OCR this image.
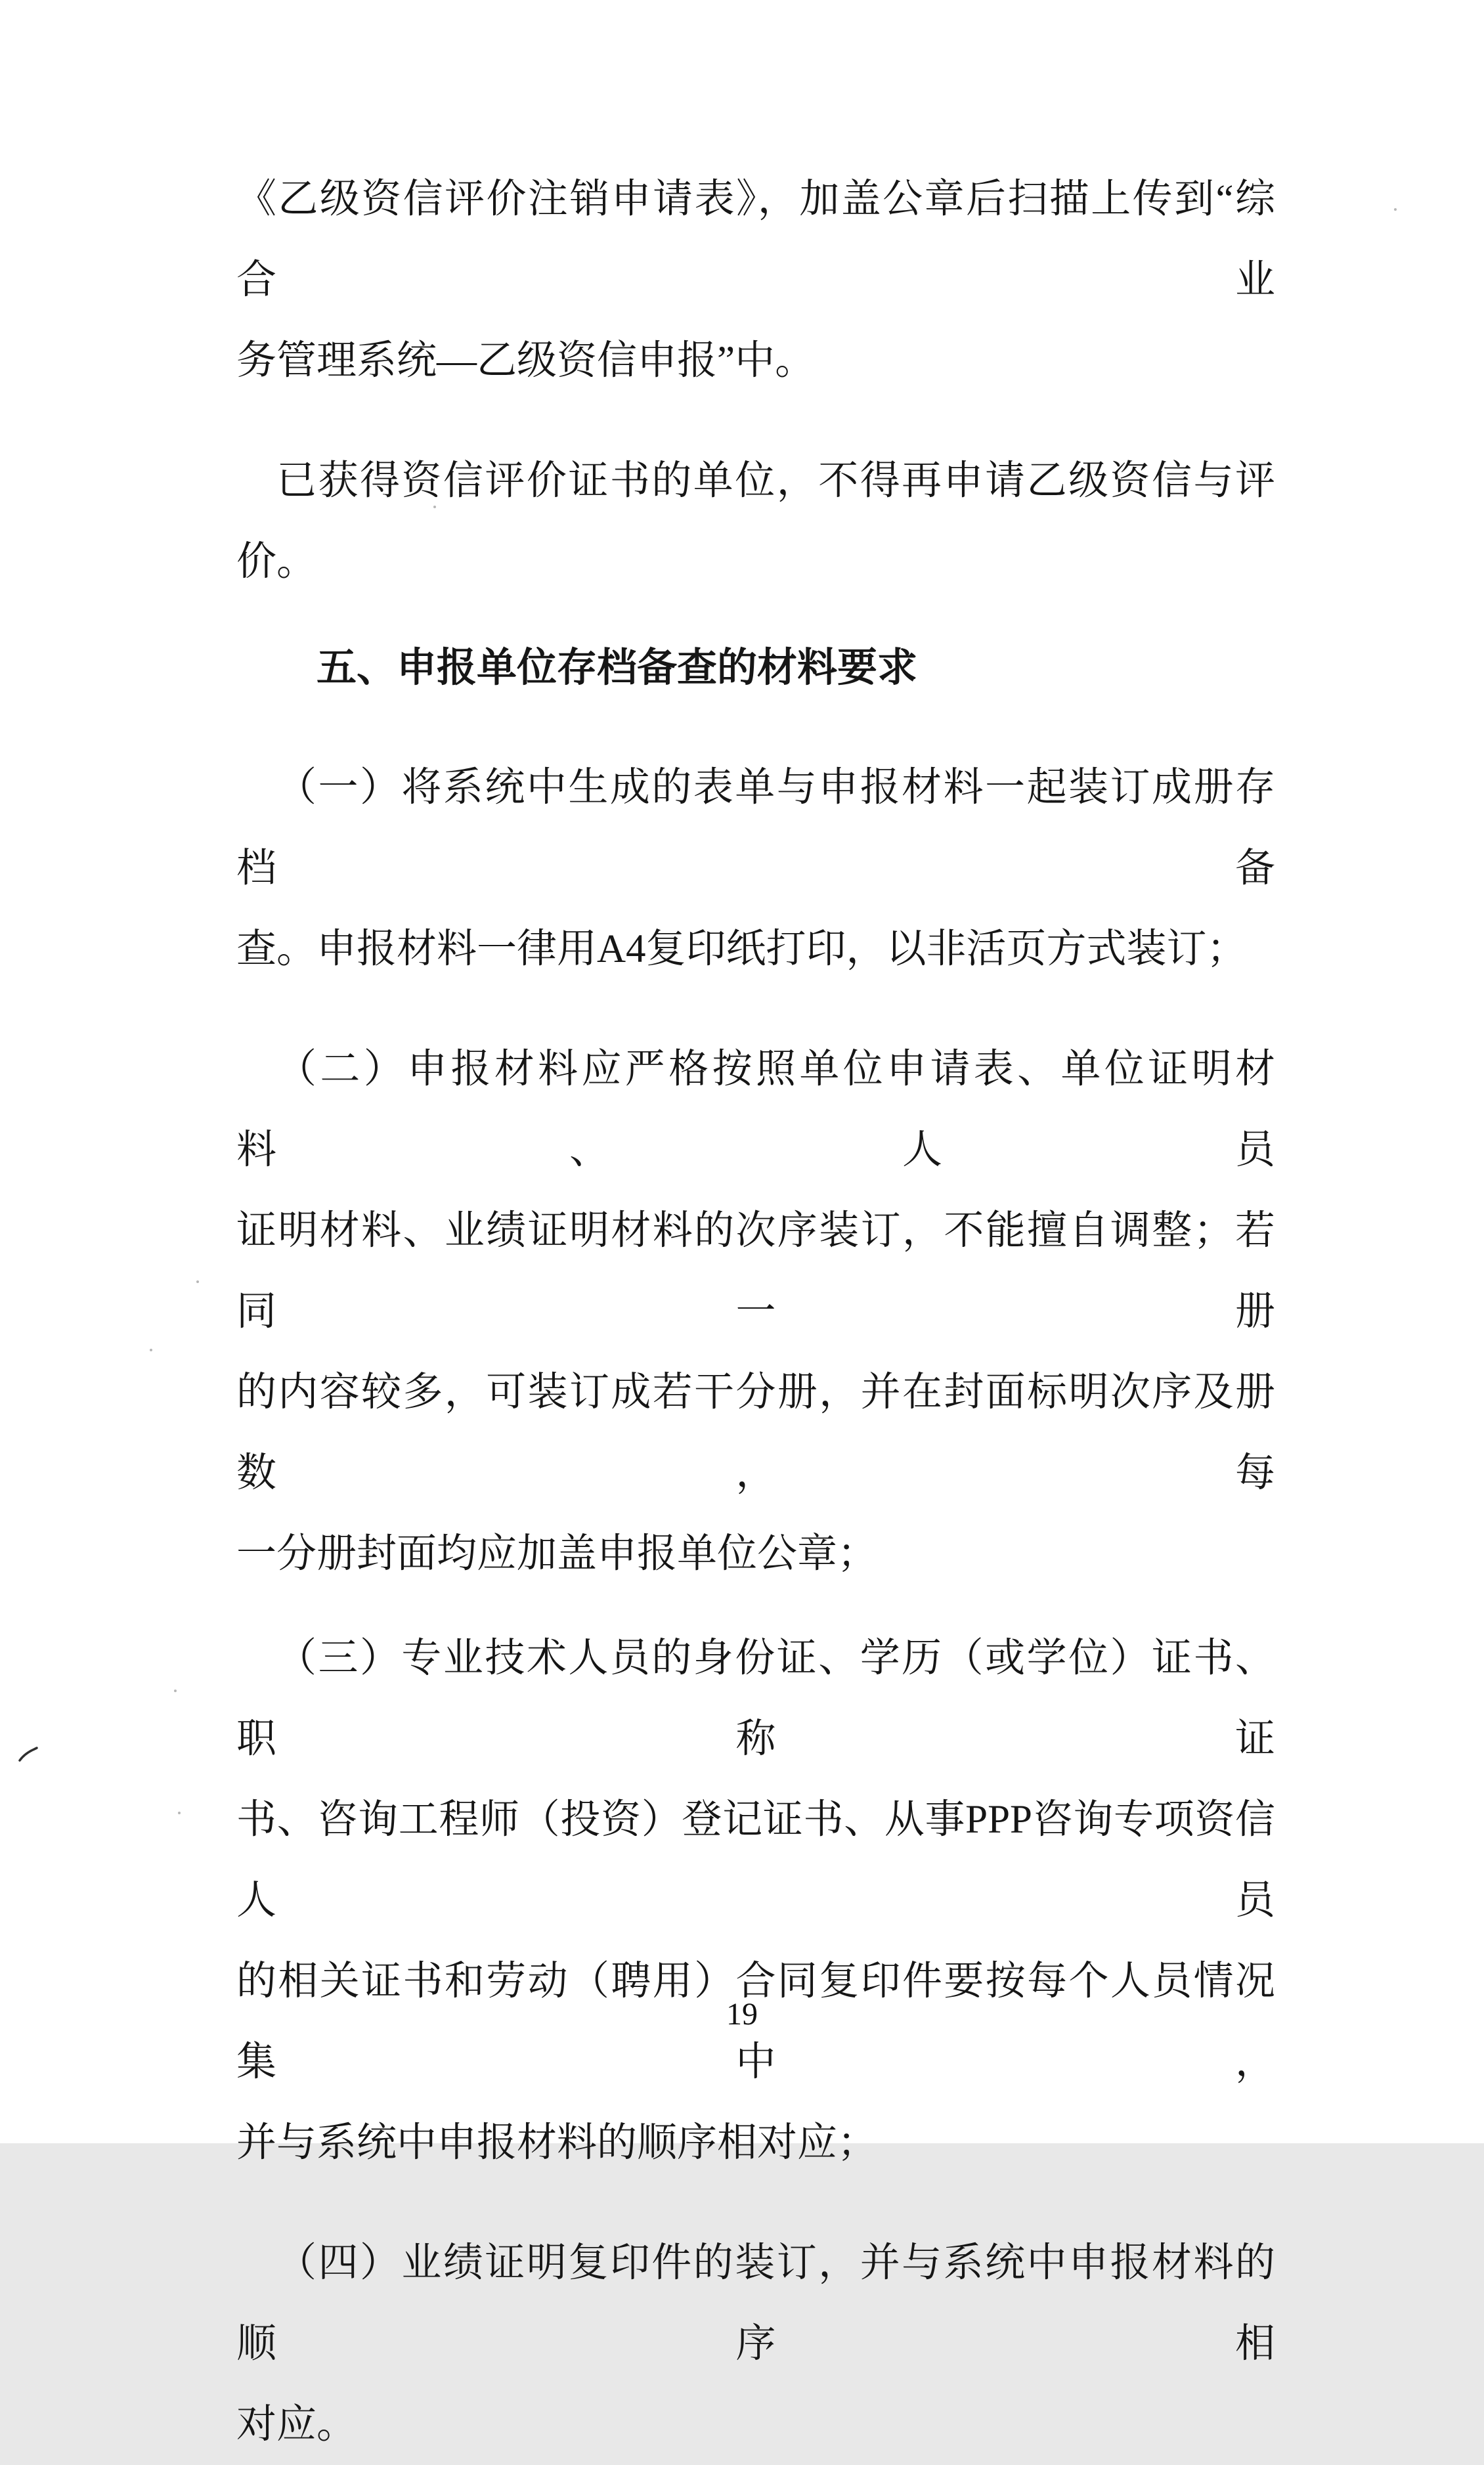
《乙级资信评价注销申请表》，加盖公章后扫描上传到“综合业
务管理系统—乙级资信申报”中。

已获得资信评价证书的单位，不得再申请乙级资信与评价。

五、申报单位存档备查的材料要求

（一）将系统中生成的表单与申报材料一起装订成册存档备
查。申报材料一律用A4复印纸打印，以非活页方式装订；

（二）申报材料应严格按照单位申请表、单位证明材料、人员
证明材料、业绩证明材料的次序装订，不能擅自调整；若同一册
的内容较多，可装订成若干分册，并在封面标明次序及册数，每
一分册封面均应加盖申报单位公章；

（三）专业技术人员的身份证、学历（或学位）证书、职称证
书、咨询工程师（投资）登记证书、从事PPP咨询专项资信人员
的相关证书和劳动（聘用）合同复印件要按每个人员情况集中，
并与系统中申报材料的顺序相对应；

（四）业绩证明复印件的装订，并与系统中申报材料的顺序相
对应。

19
